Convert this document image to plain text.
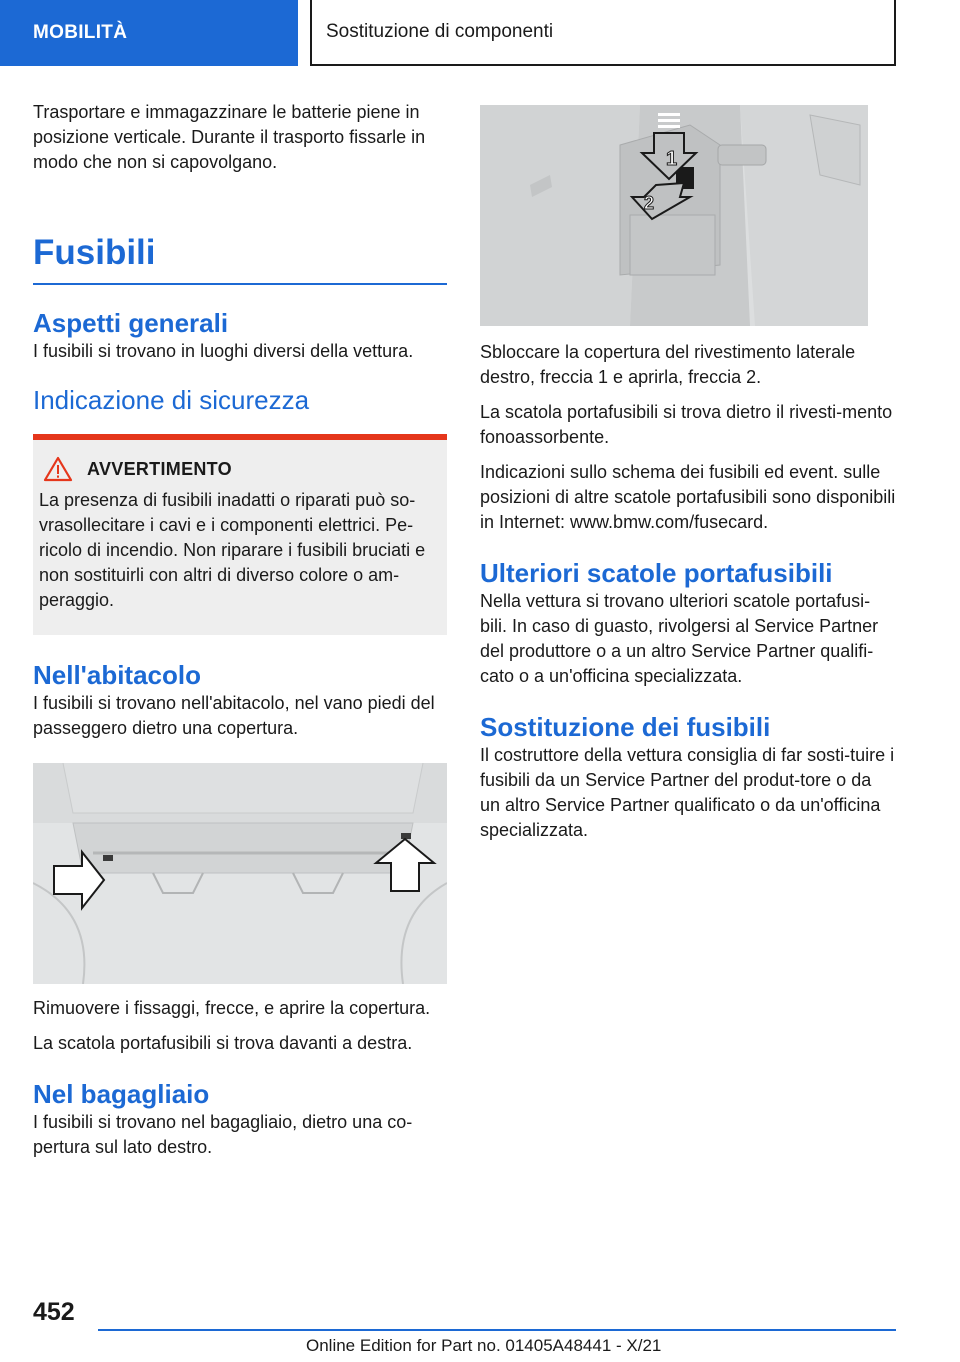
MOBILITÀ	Sostituzione di componenti

Trasportare e immagazzinare le batterie piene in posizione verticale. Durante il trasporto fissarle in modo che non si capovolgano.

Fusibili
Aspetti generali

I fusibili si trovano in luoghi diversi della vettura.

Indicazione di sicurezza
AVVERTIMENTO

La presenza di fusibili inadatti o riparati può so-vrasollecitare i cavi e i componenti elettrici. Pe-ricolo di incendio. Non riparare i fusibili bruciati e non sostituirli con altri di diverso colore o am-peraggio.

Nell'abitacolo

I fusibili si trovano nell'abitacolo, nel vano piedi del passeggero dietro una copertura.

Rimuovere i fissaggi, frecce, e aprire la copertura.

La scatola portafusibili si trova davanti a destra.

Nel bagagliaio

I fusibili si trovano nel bagagliaio, dietro una co-pertura sul lato destro.

1
2

Sbloccare la copertura del rivestimento laterale destro, freccia 1 e aprirla, freccia 2.

La scatola portafusibili si trova dietro il rivesti-mento fonoassorbente.

Indicazioni sullo schema dei fusibili ed event. sulle posizioni di altre scatole portafusibili sono disponibili in Internet: www.bmw.com/fusecard.

Ulteriori scatole portafusibili

Nella vettura si trovano ulteriori scatole portafusi-bili. In caso di guasto, rivolgersi al Service Partner del produttore o a un altro Service Partner qualifi-cato o a un'officina specializzata.

Sostituzione dei fusibili

Il costruttore della vettura consiglia di far sosti-tuire i fusibili da un Service Partner del produt-tore o da un altro Service Partner qualificato o da un'officina specializzata.

452
Online Edition for Part no. 01405A48441 - X/21
